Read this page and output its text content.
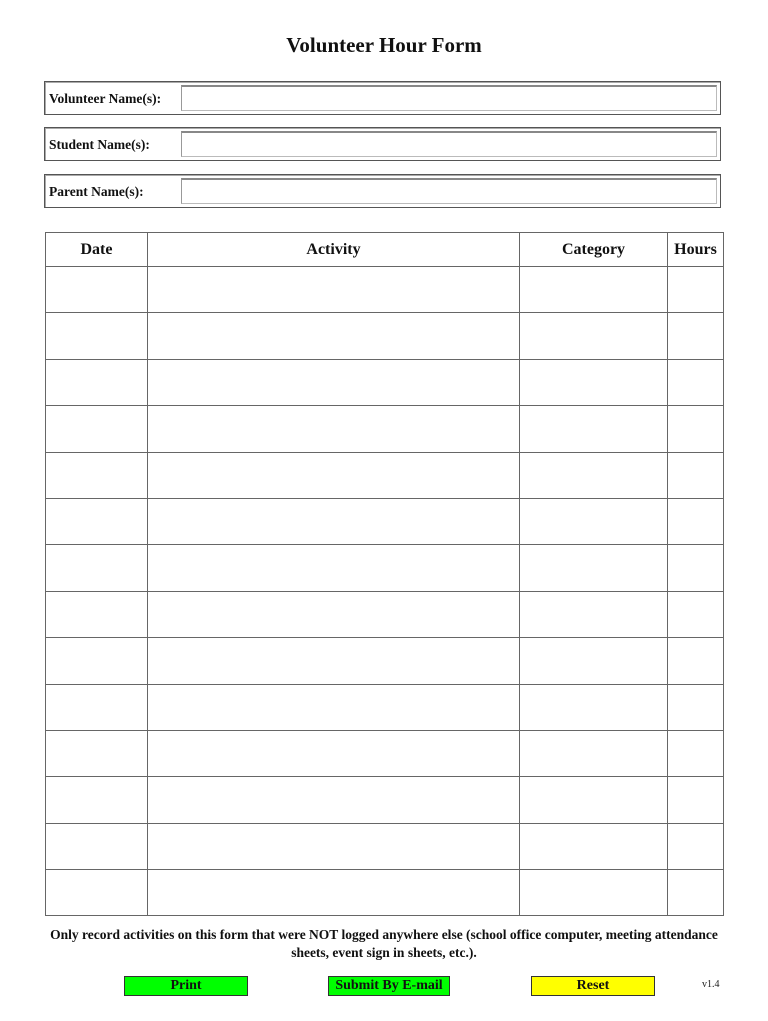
Volunteer Hour Form
Volunteer Name(s):
Student Name(s):
Parent Name(s):
Date	Activity	Category	Hours

Only record activities on this form that were NOT logged anywhere else (school office computer, meeting attendance sheets, event sign in sheets, etc.).
Print	Submit By E-mail	Reset	v1.4
